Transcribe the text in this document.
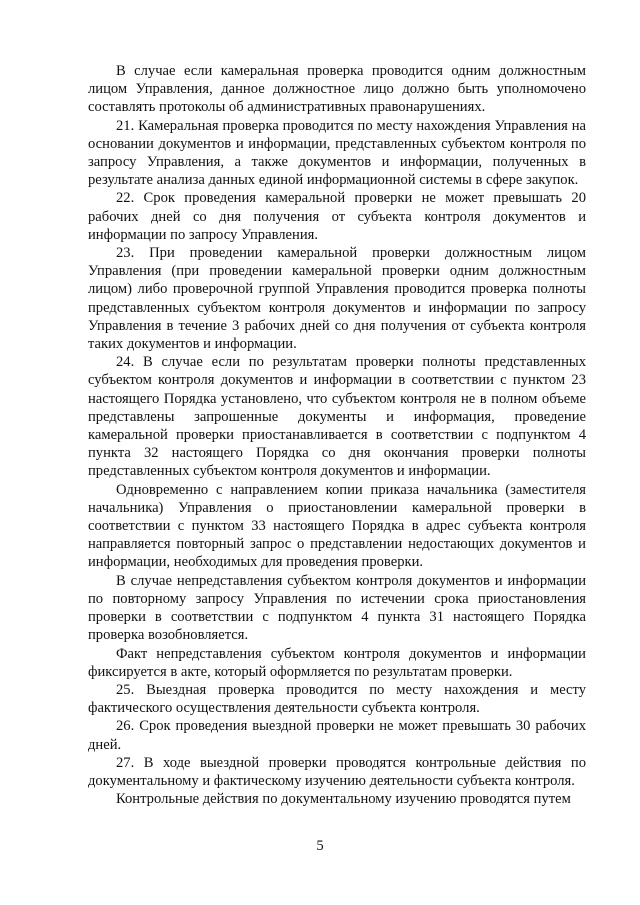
В случае если камеральная проверка проводится одним должностным лицом Управления, данное должностное лицо должно быть уполномочено составлять протоколы об административных правонарушениях.

21. Камеральная проверка проводится по месту нахождения Управления на основании документов и информации, представленных субъектом контроля по запросу Управления, а также документов и информации, полученных в результате анализа данных единой информационной системы в сфере закупок.

22. Срок проведения камеральной проверки не может превышать 20 рабочих дней со дня получения от субъекта контроля документов и информации по запросу Управления.

23. При проведении камеральной проверки должностным лицом Управления (при проведении камеральной проверки одним должностным лицом) либо проверочной группой Управления проводится проверка полноты представленных субъектом контроля документов и информации по запросу Управления в течение 3 рабочих дней со дня получения от субъекта контроля таких документов и информации.

24. В случае если по результатам проверки полноты представленных субъектом контроля документов и информации в соответствии с пунктом 23 настоящего Порядка установлено, что субъектом контроля не в полном объеме представлены запрошенные документы и информация, проведение камеральной проверки приостанавливается в соответствии с подпунктом 4 пункта 32 настоящего Порядка со дня окончания проверки полноты представленных субъектом контроля документов и информации.

Одновременно с направлением копии приказа начальника (заместителя начальника) Управления о приостановлении камеральной проверки в соответствии с пунктом 33 настоящего Порядка в адрес субъекта контроля направляется повторный запрос о представлении недостающих документов и информации, необходимых для проведения проверки.

В случае непредставления субъектом контроля документов и информации по повторному запросу Управления по истечении срока приостановления проверки в соответствии с подпунктом 4 пункта 31 настоящего Порядка проверка возобновляется.

Факт непредставления субъектом контроля документов и информации фиксируется в акте, который оформляется по результатам проверки.

25. Выездная проверка проводится по месту нахождения и месту фактического осуществления деятельности субъекта контроля.

26. Срок проведения выездной проверки не может превышать 30 рабочих дней.

27. В ходе выездной проверки проводятся контрольные действия по документальному и фактическому изучению деятельности субъекта контроля.

Контрольные действия по документальному изучению проводятся путем

5
